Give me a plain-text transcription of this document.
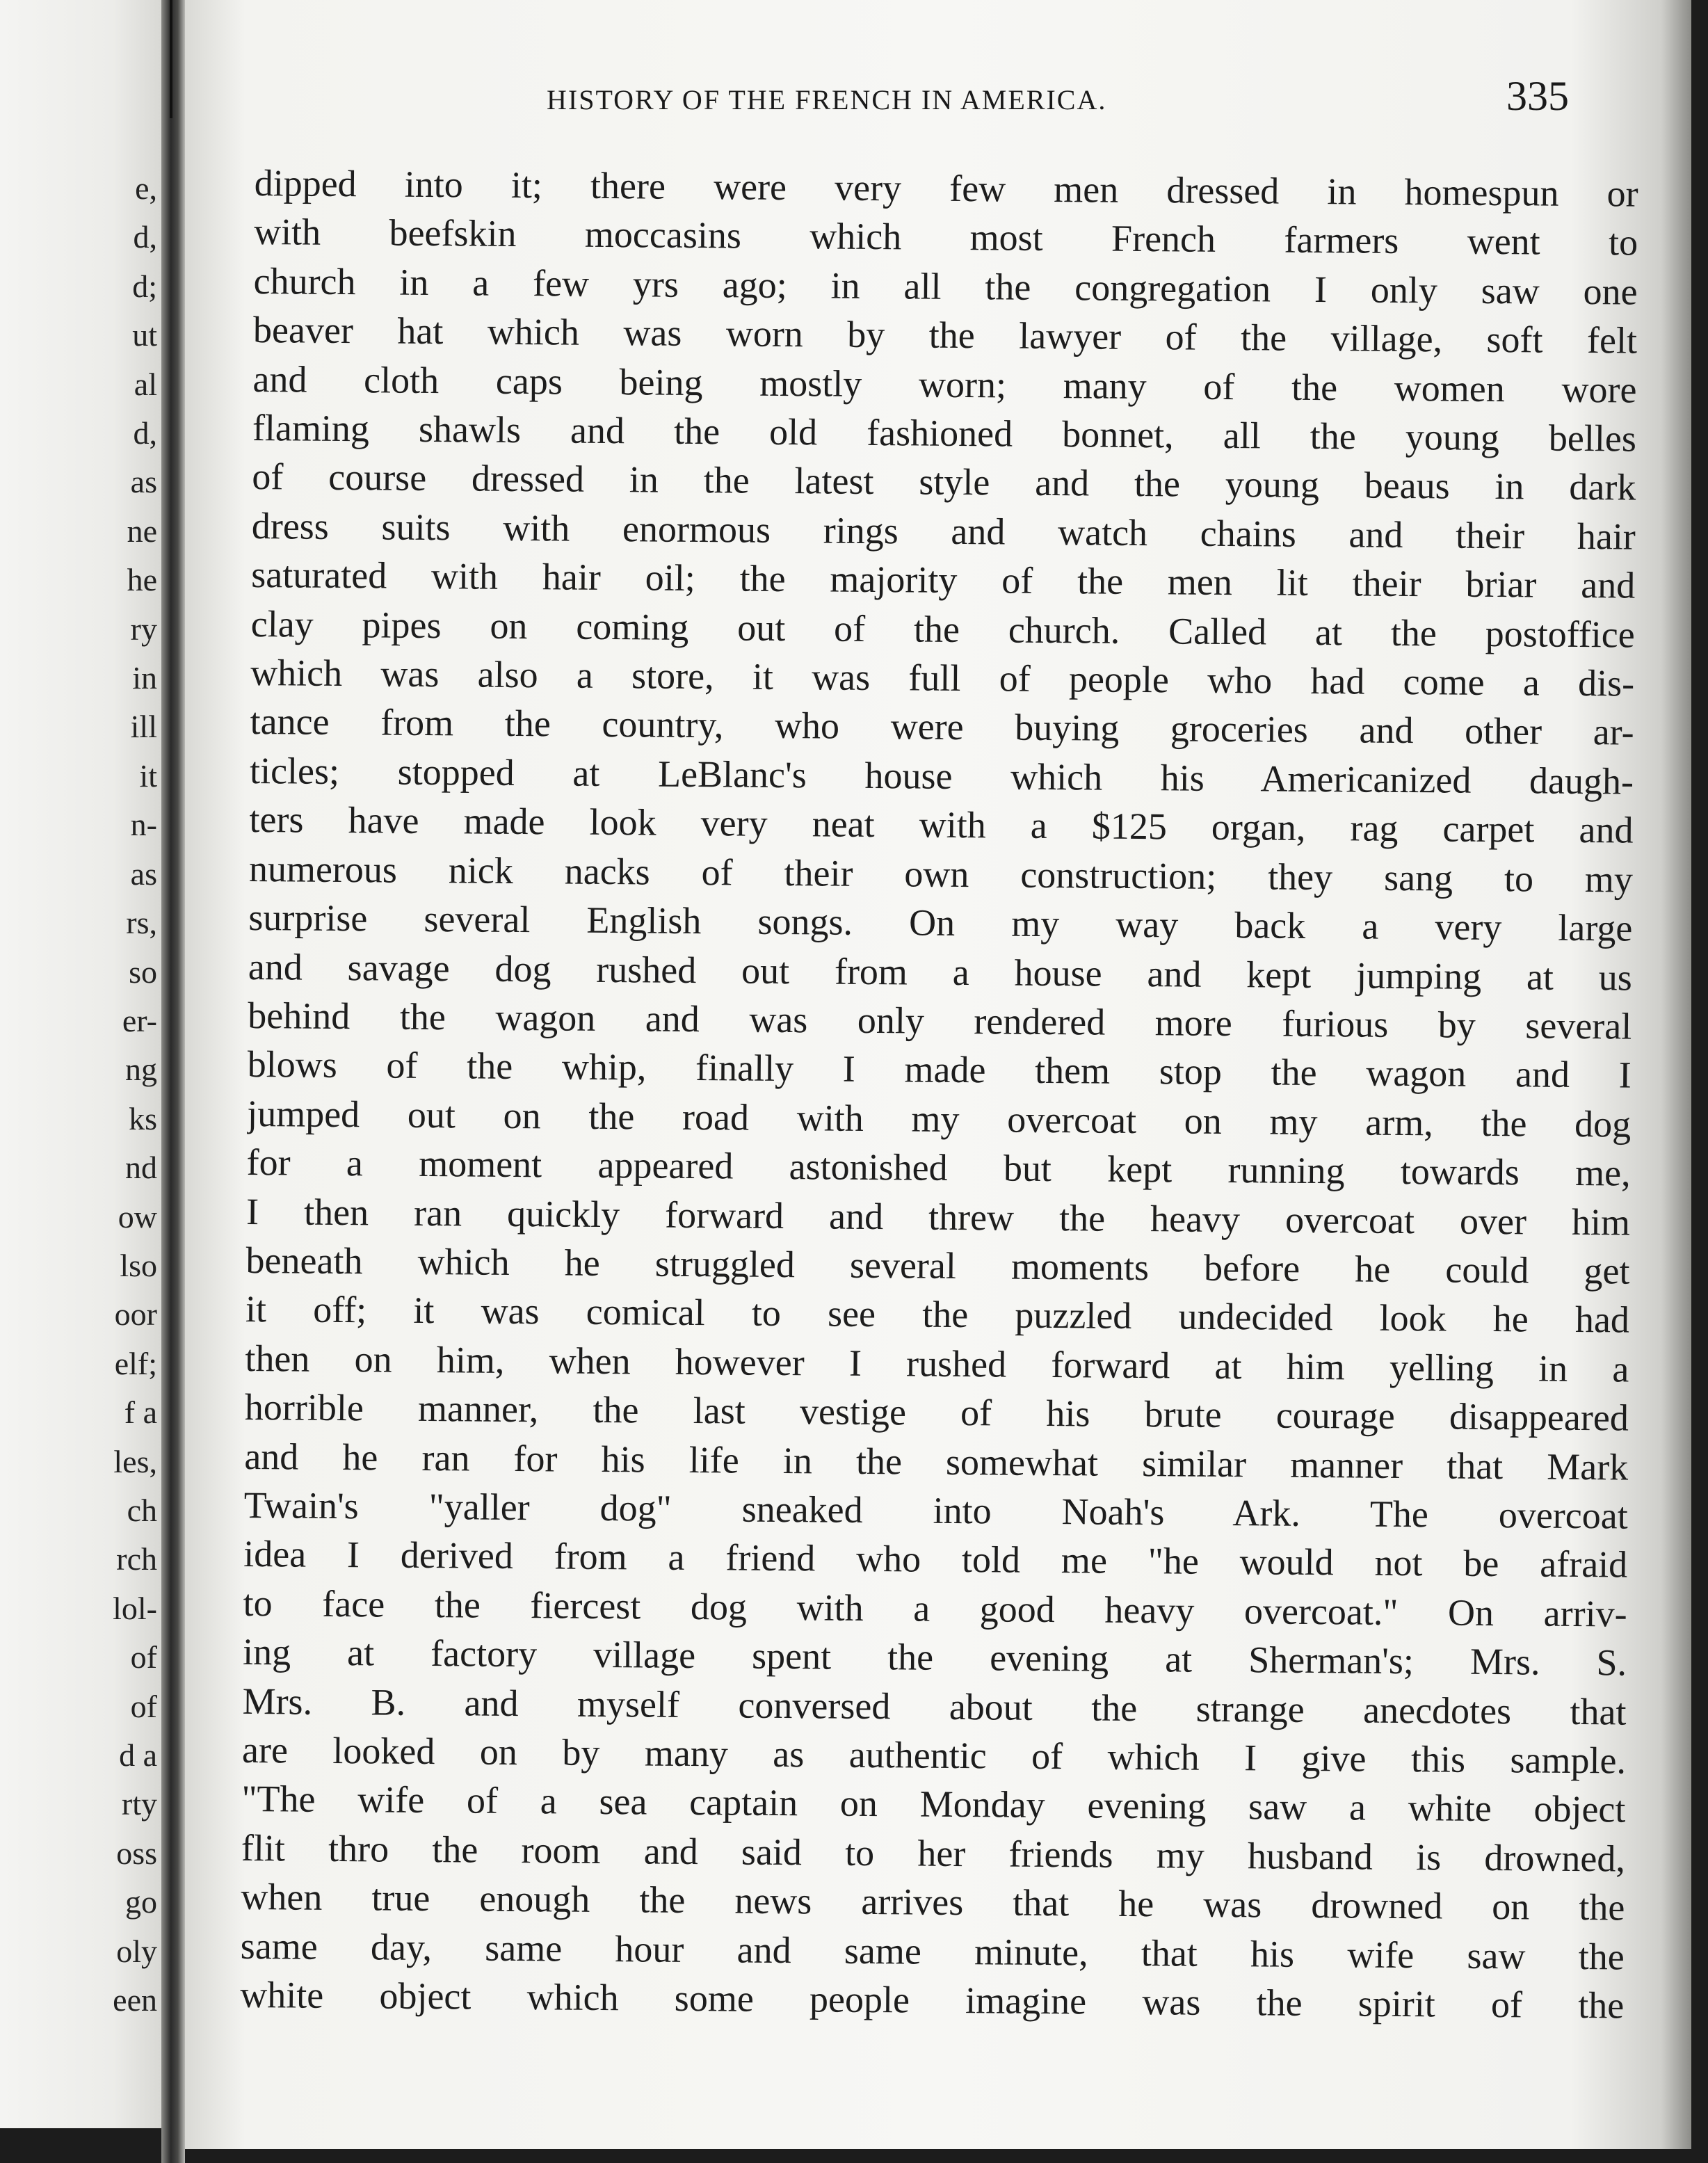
e,
d,
d;
ut
al
d,
as
ne
he
ry
in
ill
it
n-
as
rs,
so
er-
ng
ks
nd
ow
lso
oor
elf;
f a
les,
ch
rch
lol-
of
of
d a
rty
oss
go
oly
een
HISTORY OF THE FRENCH IN AMERICA.	335
dipped into it; there were very few men dressed in homespun or
with beefskin moccasins which most French farmers went to
church in a few yrs ago; in all the congregation I only saw one
beaver hat which was worn by the lawyer of the village, soft felt
and cloth caps being mostly worn; many of the women wore
flaming shawls and the old fashioned bonnet, all the young belles
of course dressed in the latest style and the young beaus in dark
dress suits with enormous rings and watch chains and their hair
saturated with hair oil; the majority of the men lit their briar and
clay pipes on coming out of the church. Called at the postoffice
which was also a store, it was full of people who had come a dis-
tance from the country, who were buying groceries and other ar-
ticles; stopped at LeBlanc's house which his Americanized daugh-
ters have made look very neat with a $125 organ, rag carpet and
numerous nick nacks of their own construction; they sang to my
surprise several English songs. On my way back a very large
and savage dog rushed out from a house and kept jumping at us
behind the wagon and was only rendered more furious by several
blows of the whip, finally I made them stop the wagon and I
jumped out on the road with my overcoat on my arm, the dog
for a moment appeared astonished but kept running towards me,
I then ran quickly forward and threw the heavy overcoat over him
beneath which he struggled several moments before he could get
it off; it was comical to see the puzzled undecided look he had
then on him, when however I rushed forward at him yelling in a
horrible manner, the last vestige of his brute courage disappeared
and he ran for his life in the somewhat similar manner that Mark
Twain's "yaller dog" sneaked into Noah's Ark. The overcoat
idea I derived from a friend who told me "he would not be afraid
to face the fiercest dog with a good heavy overcoat." On arriv-
ing at factory village spent the evening at Sherman's; Mrs. S.
Mrs. B. and myself conversed about the strange anecdotes that
are looked on by many as authentic of which I give this sample.
"The wife of a sea captain on Monday evening saw a white object
flit thro the room and said to her friends my husband is drowned,
when true enough the news arrives that he was drowned on the
same day, same hour and same minute, that his wife saw the
white object which some people imagine was the spirit of the
